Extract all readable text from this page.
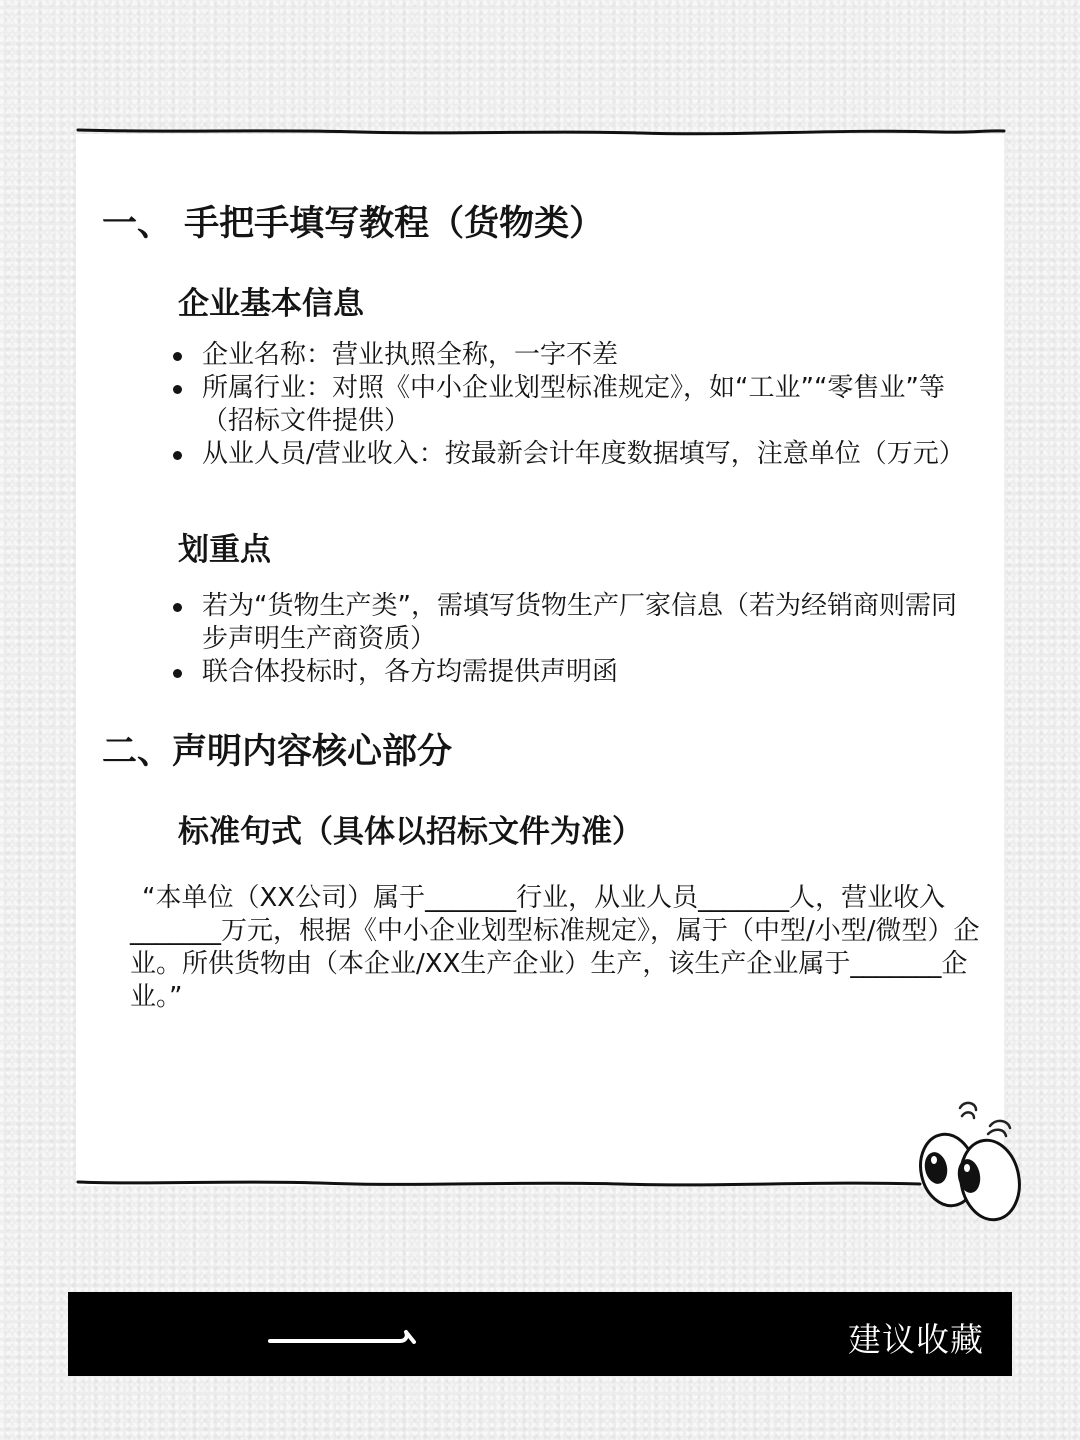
一、 手把手填写教程（货物类）
企业基本信息
企业名称：营业执照全称，一字不差
所属行业：对照《中小企业划型标准规定》，如“工业”“零售业”等（招标文件提供）
从业人员/营业收入：按最新会计年度数据填写，注意单位（万元）
划重点
若为“货物生产类”，需填写货物生产厂家信息（若为经销商则需同步声明生产商资质）
联合体投标时，各方均需提供声明函
二、声明内容核心部分
标准句式（具体以招标文件为准）
“本单位（XX公司）属于_______行业，从业人员_______人，营业收入_______万元，根据《中小企业划型标准规定》，属于（中型/小型/微型）企业。所供货物由（本企业/XX生产企业）生产，该生产企业属于_______企业。”
建议收藏
